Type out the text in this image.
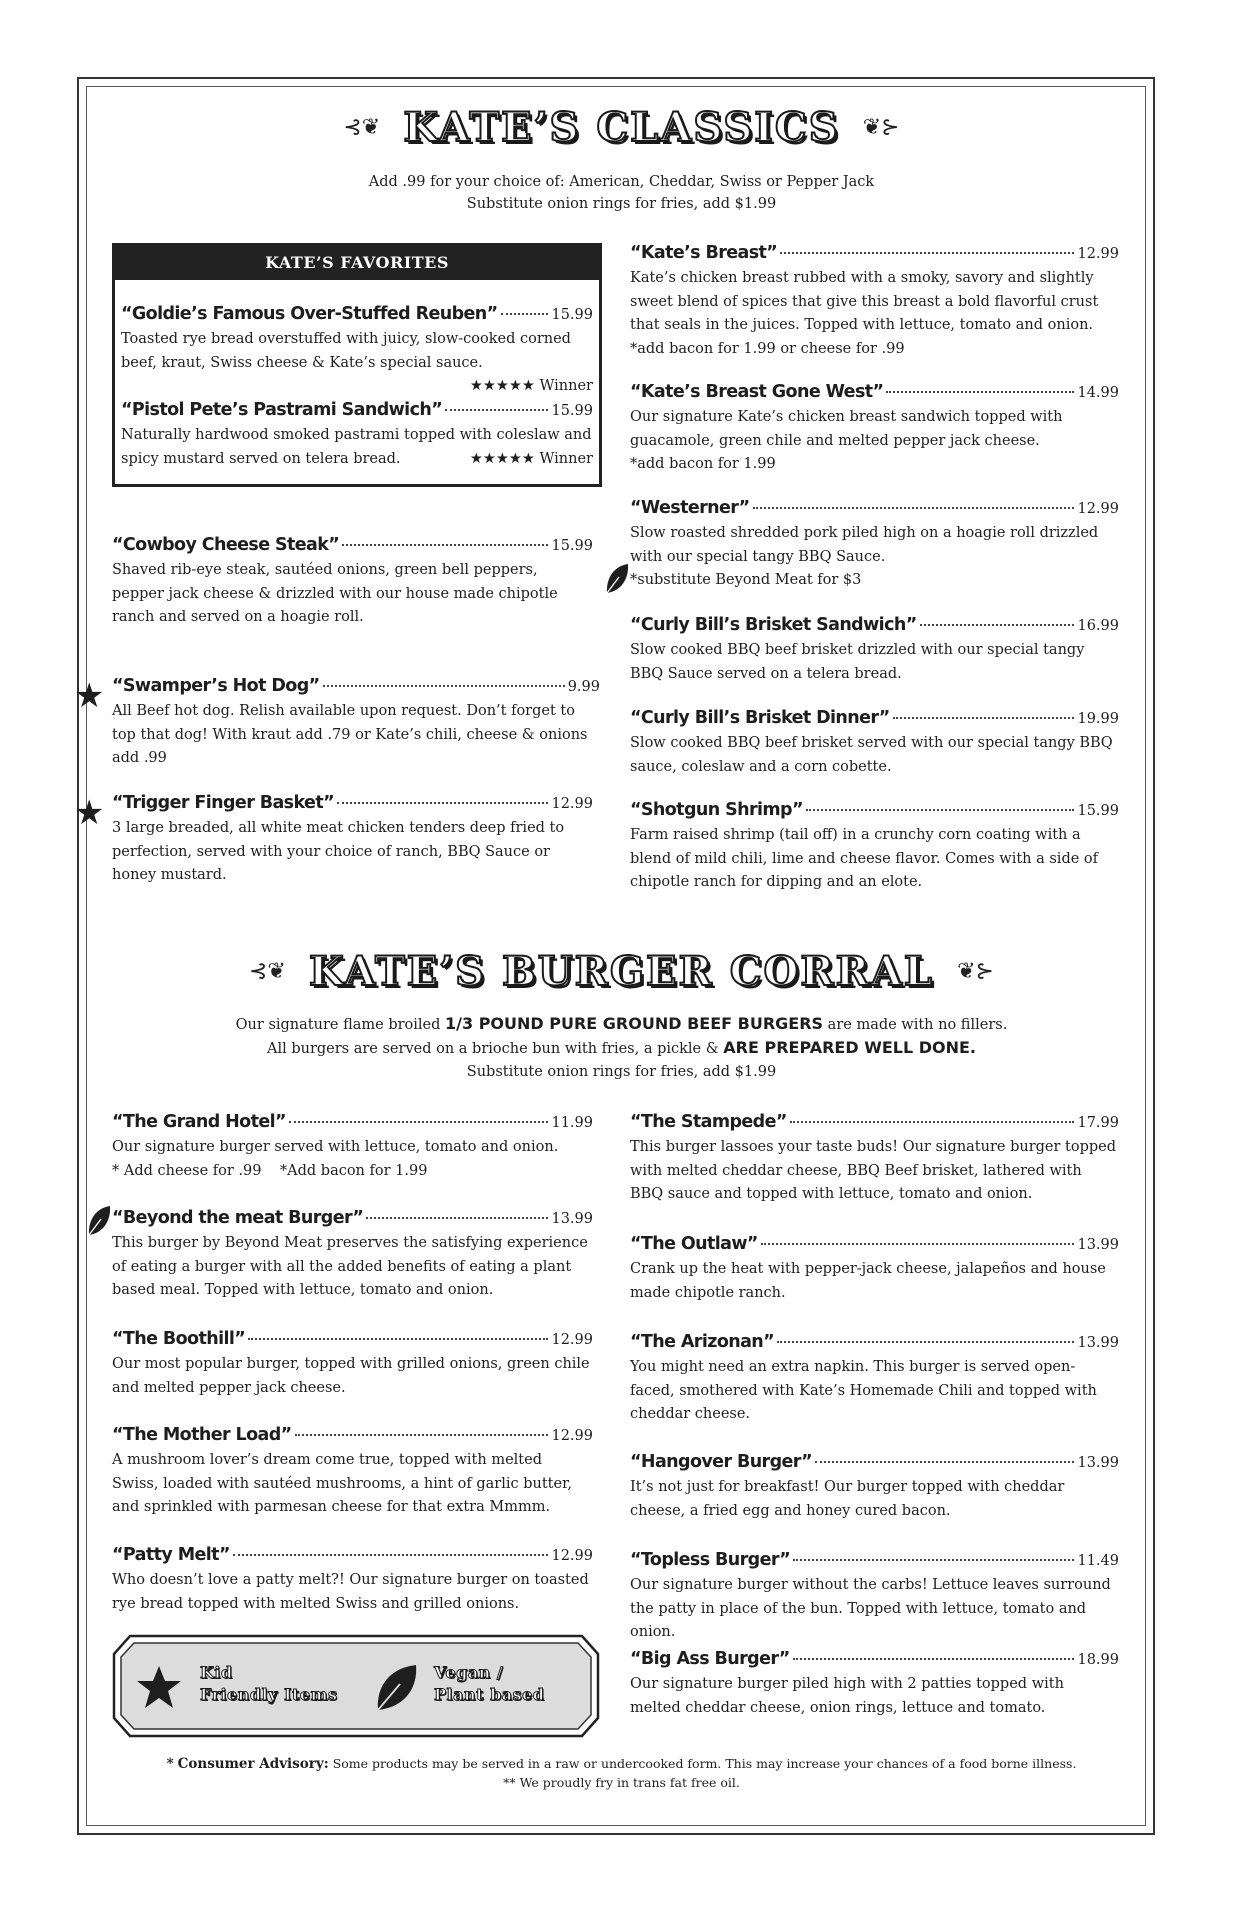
⊰❦ KATE’S CLASSICS ❦⊱
Add .99 for your choice of: American, Cheddar, Swiss or Pepper Jack
Substitute onion rings for fries, add $1.99
KATE’S FAVORITES
“Goldie’s Famous Over-Stuffed Reuben”	15.99
Toasted rye bread overstuffed with juicy, slow-cooked corned beef, kraut, Swiss cheese & Kate’s special sauce.
★★★★★ Winner
“Pistol Pete’s Pastrami Sandwich”	15.99
Naturally hardwood smoked pastrami topped with coleslaw and spicy mustard served on telera bread.	★★★★★ Winner
“Cowboy Cheese Steak”	15.99
Shaved rib-eye steak, sautéed onions, green bell peppers, pepper jack cheese & drizzled with our house made chipotle ranch and served on a hoagie roll.
★ “Swamper’s Hot Dog”	9.99
All Beef hot dog. Relish available upon request. Don’t forget to top that dog! With kraut add .79 or Kate’s chili, cheese & onions add .99
★ “Trigger Finger Basket”	12.99
3 large breaded, all white meat chicken tenders deep fried to perfection, served with your choice of ranch, BBQ Sauce or honey mustard.
“Kate’s Breast”	12.99
Kate’s chicken breast rubbed with a smoky, savory and slightly sweet blend of spices that give this breast a bold flavorful crust that seals in the juices. Topped with lettuce, tomato and onion.
*add bacon for 1.99 or cheese for .99
“Kate’s Breast Gone West”	14.99
Our signature Kate’s chicken breast sandwich topped with guacamole, green chile and melted pepper jack cheese.
*add bacon for 1.99
“Westerner”	12.99
Slow roasted shredded pork piled high on a hoagie roll drizzled with our special tangy BBQ Sauce.
*substitute Beyond Meat for $3
“Curly Bill’s Brisket Sandwich”	16.99
Slow cooked BBQ beef brisket drizzled with our special tangy BBQ Sauce served on a telera bread.
“Curly Bill’s Brisket Dinner”	19.99
Slow cooked BBQ beef brisket served with our special tangy BBQ sauce, coleslaw and a corn cobette.
“Shotgun Shrimp”	15.99
Farm raised shrimp (tail off) in a crunchy corn coating with a blend of mild chili, lime and cheese flavor. Comes with a side of chipotle ranch for dipping and an elote.
⊰❦ KATE’S BURGER CORRAL ❦⊱
Our signature flame broiled 1/3 POUND PURE GROUND BEEF BURGERS are made with no fillers.
All burgers are served on a brioche bun with fries, a pickle & ARE PREPARED WELL DONE.
Substitute onion rings for fries, add $1.99
“The Grand Hotel”	11.99
Our signature burger served with lettuce, tomato and onion.
* Add cheese for .99    *Add bacon for 1.99
“Beyond the meat Burger”	13.99
This burger by Beyond Meat preserves the satisfying experience of eating a burger with all the added benefits of eating a plant based meal. Topped with lettuce, tomato and onion.
“The Boothill”	12.99
Our most popular burger, topped with grilled onions, green chile and melted pepper jack cheese.
“The Mother Load”	12.99
A mushroom lover’s dream come true, topped with melted Swiss, loaded with sautéed mushrooms, a hint of garlic butter, and sprinkled with parmesan cheese for that extra Mmmm.
“Patty Melt”	12.99
Who doesn’t love a patty melt?! Our signature burger on toasted rye bread topped with melted Swiss and grilled onions.
“The Stampede”	17.99
This burger lassoes your taste buds! Our signature burger topped with melted cheddar cheese, BBQ Beef brisket, lathered with BBQ sauce and topped with lettuce, tomato and onion.
“The Outlaw”	13.99
Crank up the heat with pepper-jack cheese, jalapeños and house made chipotle ranch.
“The Arizonan”	13.99
You might need an extra napkin. This burger is served open-faced, smothered with Kate’s Homemade Chili and topped with cheddar cheese.
“Hangover Burger”	13.99
It’s not just for breakfast! Our burger topped with cheddar cheese, a fried egg and honey cured bacon.
“Topless Burger”	11.49
Our signature burger without the carbs! Lettuce leaves surround the patty in place of the bun. Topped with lettuce, tomato and onion.
“Big Ass Burger”	18.99
Our signature burger piled high with 2 patties topped with melted cheddar cheese, onion rings, lettuce and tomato.
Kid
Friendly Items
Vegan /
Plant based
* Consumer Advisory: Some products may be served in a raw or undercooked form. This may increase your chances of a food borne illness.
** We proudly fry in trans fat free oil.
